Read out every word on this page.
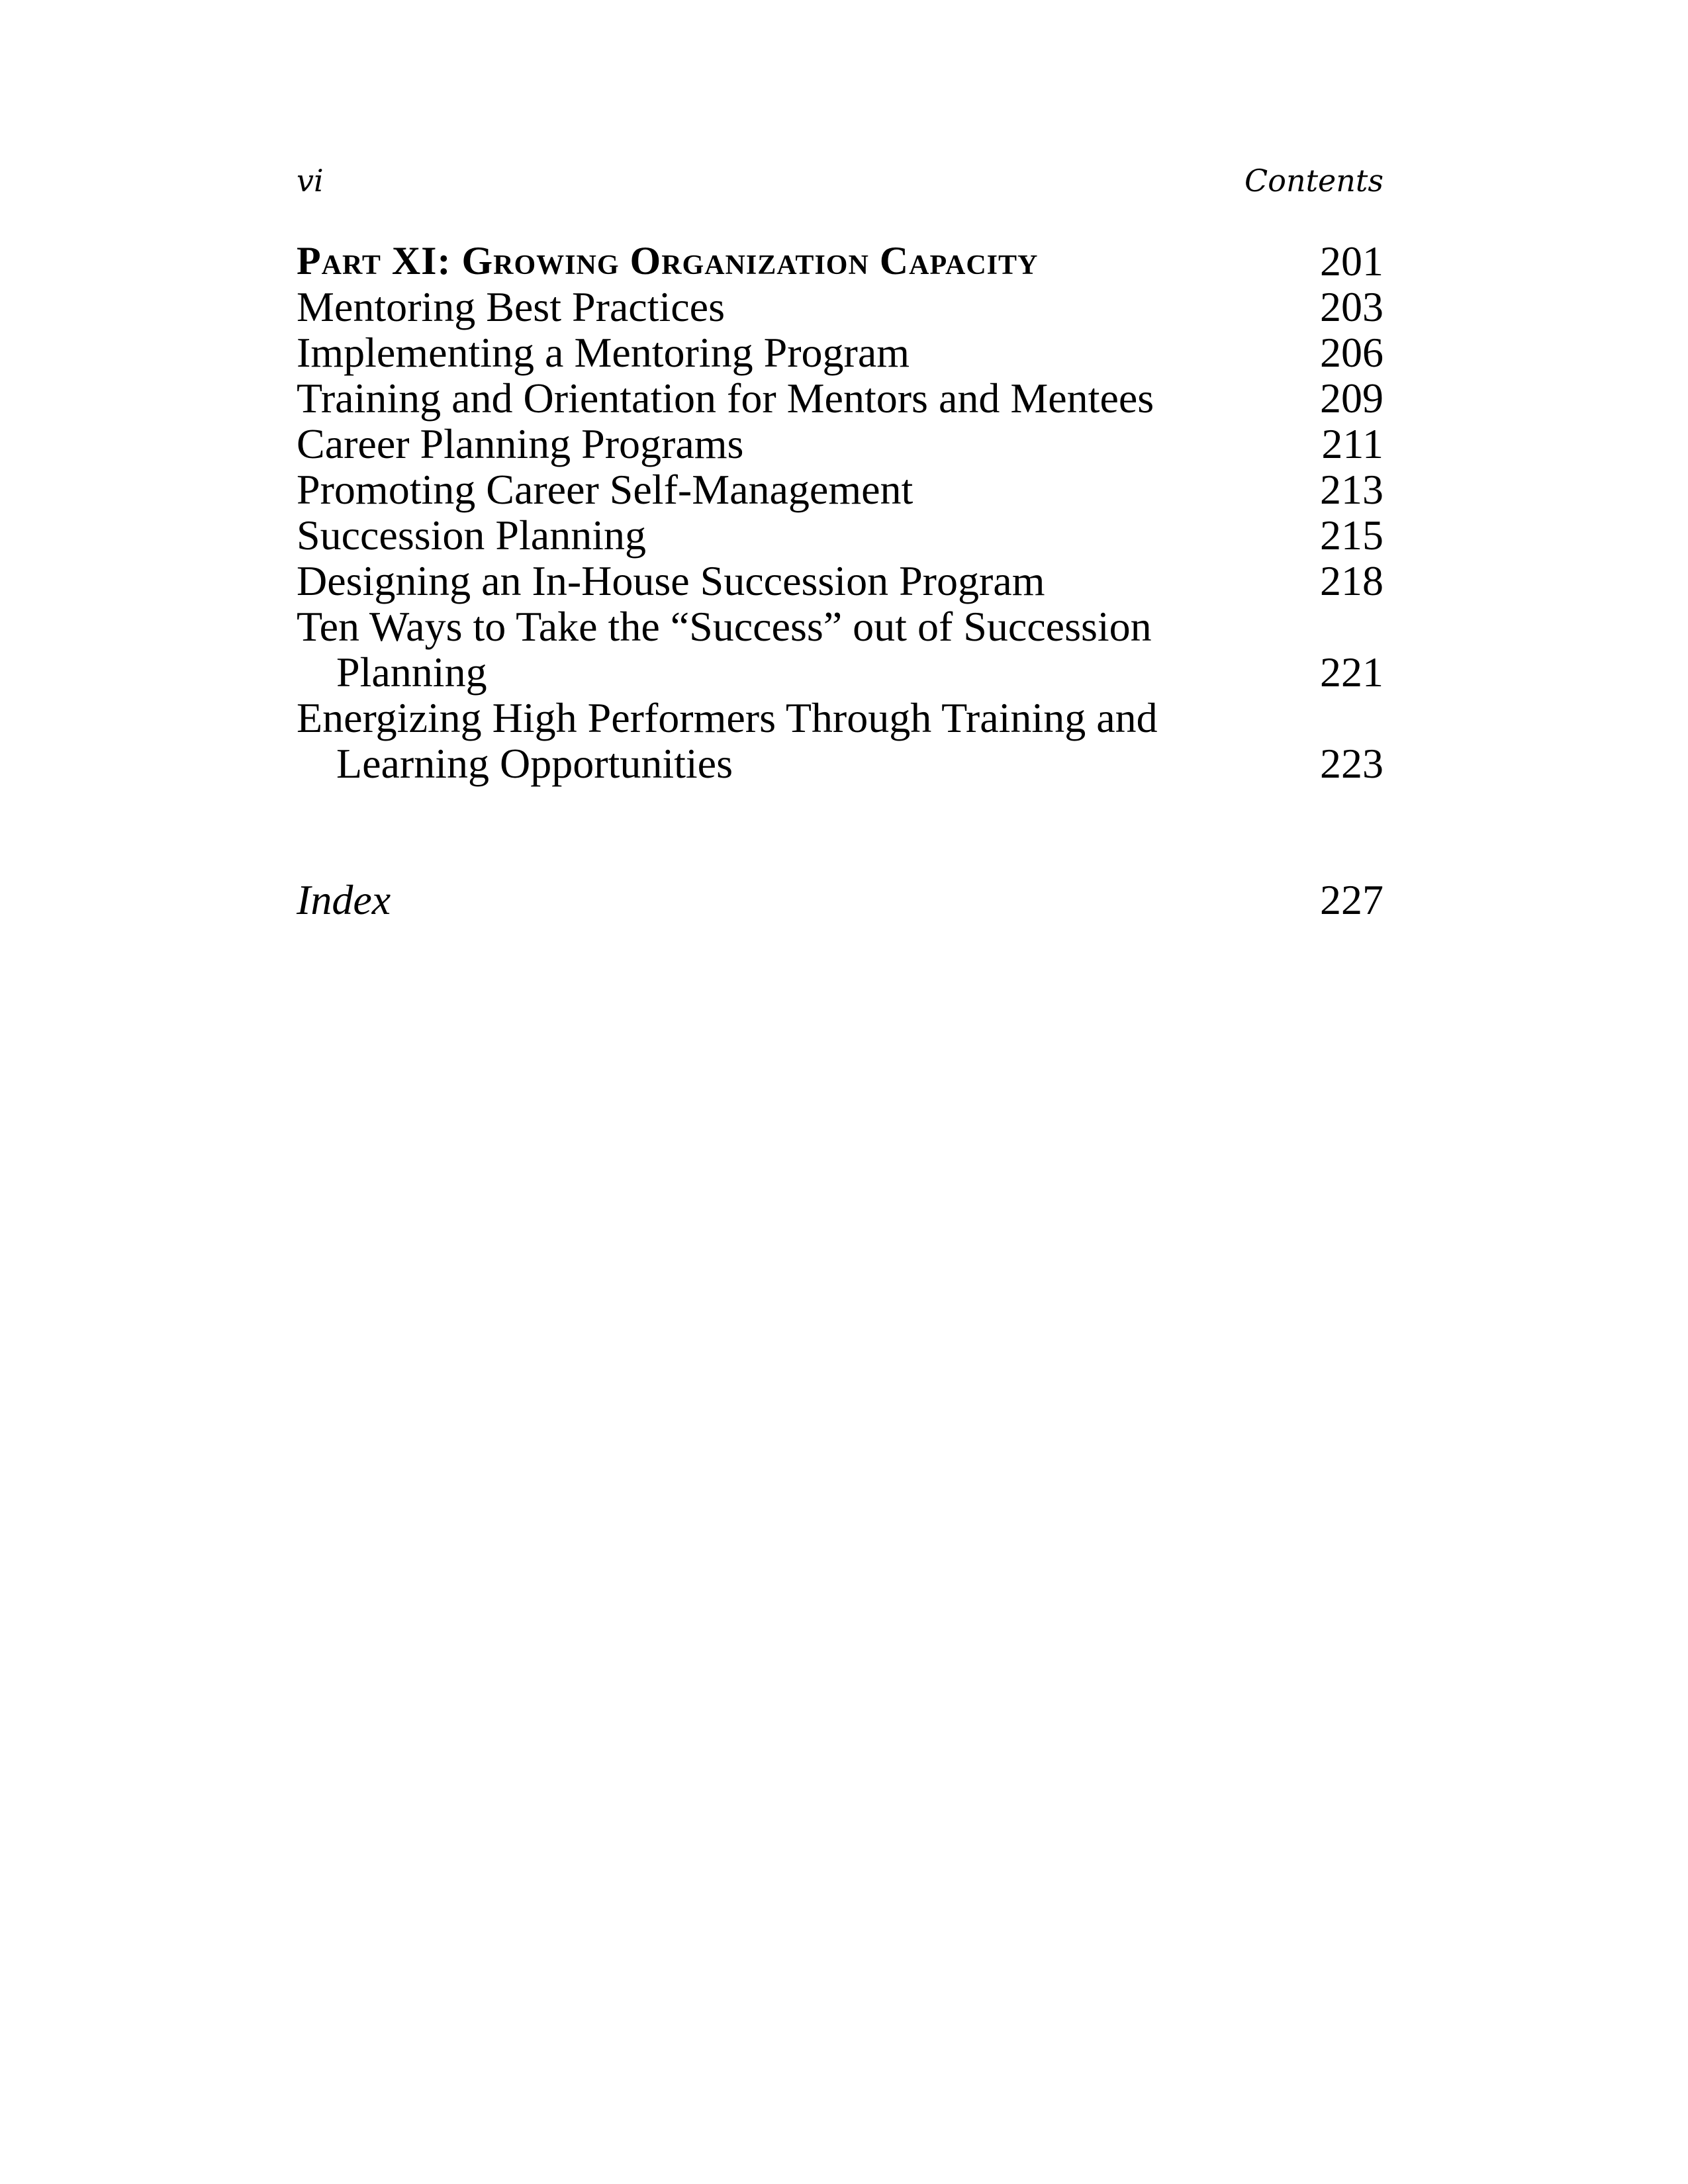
vi	Contents
Part XI: Growing Organization Capacity	201
Mentoring Best Practices	203
Implementing a Mentoring Program	206
Training and Orientation for Mentors and Mentees	209
Career Planning Programs	211
Promoting Career Self-Management	213
Succession Planning	215
Designing an In-House Succession Program	218
Ten Ways to Take the “Success” out of Succession Planning	221
Energizing High Performers Through Training and Learning Opportunities	223
Index	227
